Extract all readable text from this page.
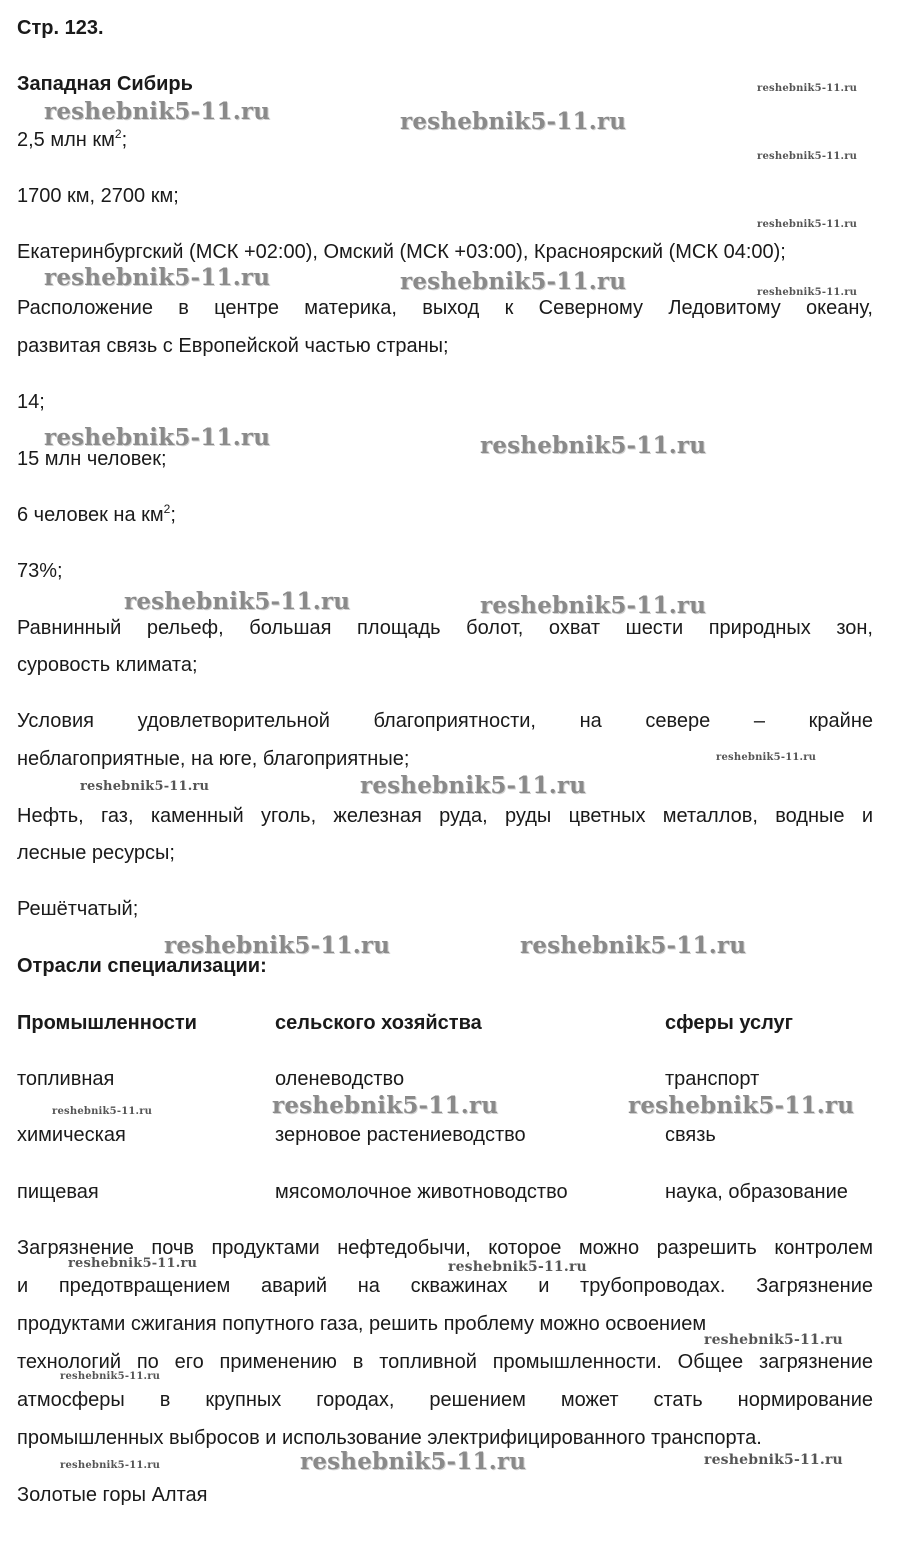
Стр. 123.
Западная Сибирь
2,5 млн $км^2$;
1700 км, 2700 км;
Екатеринбургский (МСК +02:00), Омский (МСК +03:00), Красноярский (МСК 04:00);
Расположение в центре материка, выход к Северному Ледовитому океану,
развитая связь с Европейской частью страны;
14;
15 млн человек;
6 человек на $км^2$;
73%;
Равнинный рельеф, большая площадь болот, охват шести природных зон,
суровость климата;
Условия удовлетворительной благоприятности, на севере – крайне
неблагоприятные, на юге, благоприятные;
Нефть, газ, каменный уголь, железная руда, руды цветных металлов, водные и
лесные ресурсы;
Решётчатый;
Отрасли специализации:
Промышленности	сельского хозяйства	сферы услуг
топливная	оленеводство	транспорт
химическая	зерновое растениеводство	связь
пищевая	мясомолочное животноводство	наука, образование
Загрязнение почв продуктами нефтедобычи, которое можно разрешить контролем
и предотвращением аварий на скважинах и трубопроводах. Загрязнение
продуктами сжигания попутного газа, решить проблему можно освоением
технологий по его применению в топливной промышленности. Общее загрязнение
атмосферы в крупных городах, решением может стать нормирование
промышленных выбросов и использование электрифицированного транспорта.
Золотые горы Алтая
reshebnik5-11.ru	reshebnik5-11.ru
reshebnik5-11.ru
reshebnik5-11.ru
reshebnik5-11.ru
reshebnik5-11.ru
reshebnik5-11.ru	reshebnik5-11.ru
reshebnik5-11.ru	reshebnik5-11.ru
reshebnik5-11.ru	reshebnik5-11.ru
reshebnik5-11.ru
reshebnik5-11.ru	reshebnik5-11.ru
reshebnik5-11.ru	reshebnik5-11.ru
reshebnik5-11.ru	reshebnik5-11.ru	reshebnik5-11.ru
reshebnik5-11.ru
reshebnik5-11.ru
reshebnik5-11.ru
reshebnik5-11.ru
reshebnik5-11.ru	reshebnik5-11.ru	reshebnik5-11.ru
